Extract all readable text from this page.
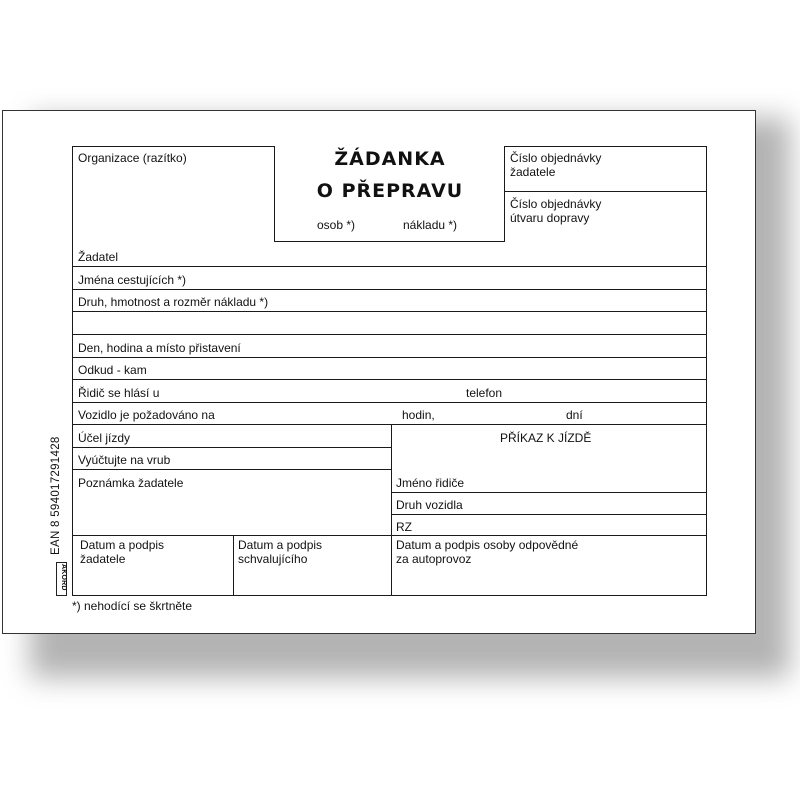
ŽÁDANKA
O PŘEPRAVU
Organizace (razítko)
osob *)	nákladu *)
Číslo objednávky
žadatele
Číslo objednávky
útvaru dopravy
Žadatel
Jména cestujících *)
Druh, hmotnost a rozměr nákladu *)
Den, hodina a místo přistavení
Odkud - kam
Řidič se hlásí u	telefon
Vozidlo je požadováno na	hodin,	dní
Účel jízdy
Vyúčtujte na vrub
Poznámka žadatele
PŘÍKAZ K JÍZDĚ
Jméno řidiče
Druh vozidla
RZ
Datum a podpis
žadatele
Datum a podpis
schvalujícího
Datum a podpis osoby odpovědné
za autoprovoz
*) nehodící se škrtněte
EAN 8 594017291428
AKORD
